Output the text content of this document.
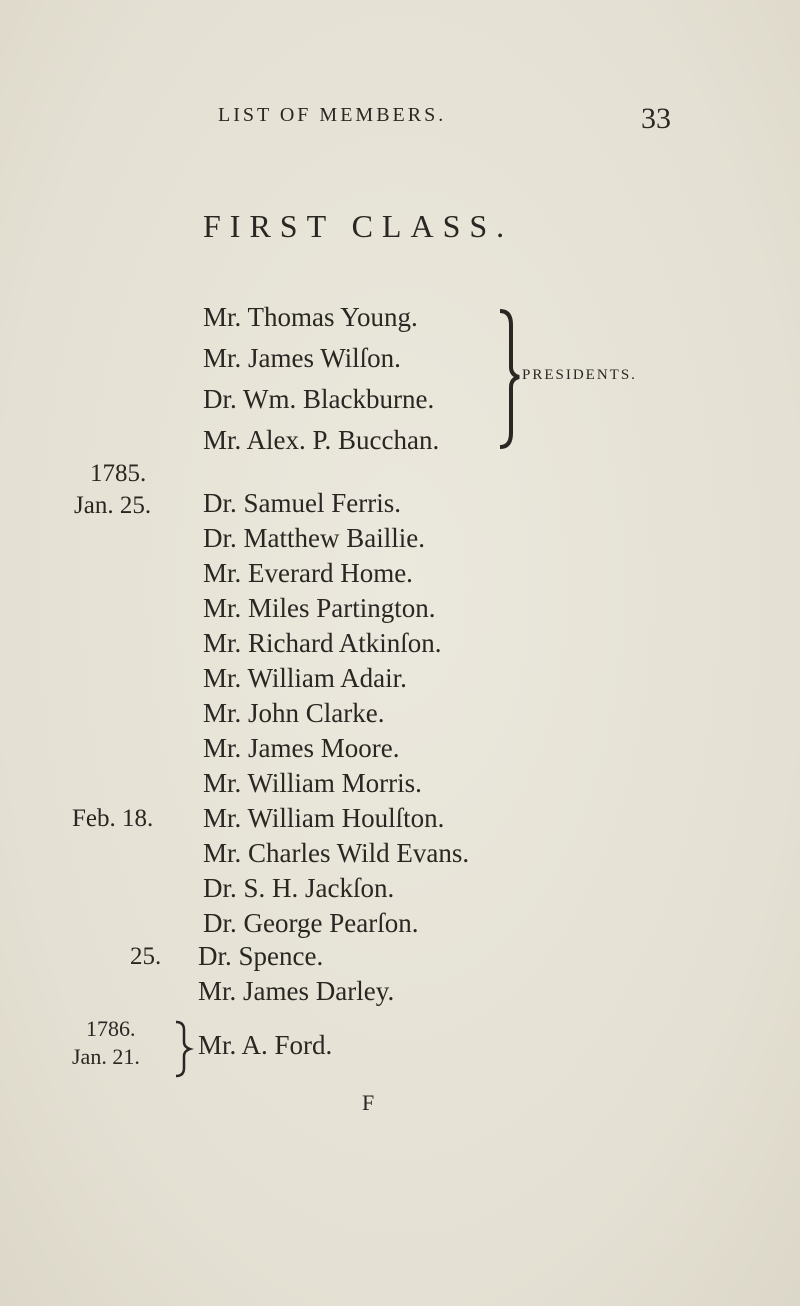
LIST OF MEMBERS.	33
FIRST CLASS.
Mr. Thomas Young.
Mr. James Wilſon.
Dr. Wm. Blackburne.
Mr. Alex. P. Bucchan.
PRESIDENTS.
1785.
Jan. 25. Dr. Samuel Ferris.
Dr. Matthew Baillie.
Mr. Everard Home.
Mr. Miles Partington.
Mr. Richard Atkinſon.
Mr. William Adair.
Mr. John Clarke.
Mr. James Moore.
Mr. William Morris.
Feb. 18. Mr. William Houlſton.
Mr. Charles Wild Evans.
Dr. S. H. Jackſon.
Dr. George Pearſon.
25. Dr. Spence.
Mr. James Darley.
1786.
Jan. 21. Mr. A. Ford.
F
